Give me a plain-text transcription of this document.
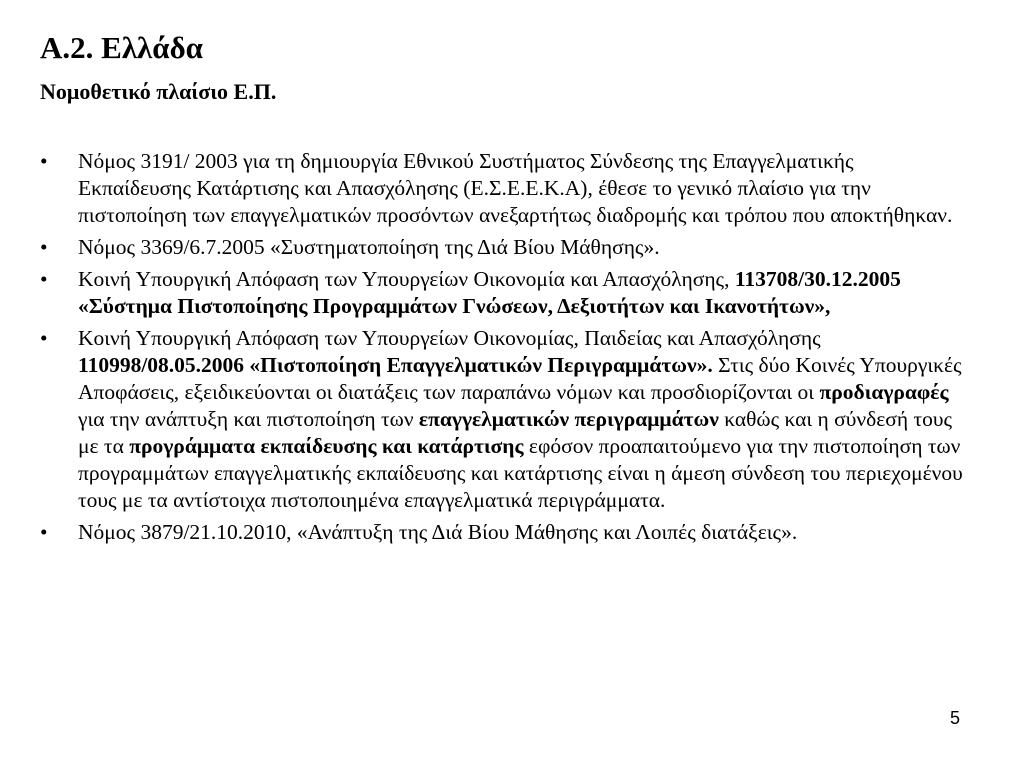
Α.2. Ελλάδα
Νομοθετικό πλαίσιο Ε.Π.
•	Νόμος 3191/ 2003 για τη δημιουργία Εθνικού Συστήματος Σύνδεσης της Επαγγελματικής Εκπαίδευσης Κατάρτισης και Απασχόλησης (Ε.Σ.Ε.Ε.Κ.Α), έθεσε το γενικό πλαίσιο για την πιστοποίηση των επαγγελματικών προσόντων ανεξαρτήτως διαδρομής και τρόπου που αποκτήθηκαν.
•	Νόμος 3369/6.7.2005 «Συστηματοποίηση της Διά Βίου Μάθησης».
•	Κοινή Υπουργική Απόφαση των Υπουργείων Οικονομία και Απασχόλησης, 113708/30.12.2005 «Σύστημα Πιστοποίησης Προγραμμάτων Γνώσεων, Δεξιοτήτων και Ικανοτήτων»,
•	Κοινή Υπουργική Απόφαση των Υπουργείων Οικονομίας, Παιδείας και Απασχόλησης 110998/08.05.2006 «Πιστοποίηση Επαγγελματικών Περιγραμμάτων». Στις δύο Κοινές Υπουργικές Αποφάσεις, εξειδικεύονται οι διατάξεις των παραπάνω νόμων και προσδιορίζονται οι προδιαγραφές για την ανάπτυξη και πιστοποίηση των επαγγελματικών περιγραμμάτων καθώς και η σύνδεσή τους με τα προγράμματα εκπαίδευσης και κατάρτισης εφόσον προαπαιτούμενο για την πιστοποίηση των προγραμμάτων επαγγελματικής εκπαίδευσης και κατάρτισης είναι η άμεση σύνδεση του περιεχομένου τους με τα αντίστοιχα πιστοποιημένα επαγγελματικά περιγράμματα.
•	Νόμος 3879/21.10.2010, «Ανάπτυξη της Διά Βίου Μάθησης και Λοιπές διατάξεις».
5
